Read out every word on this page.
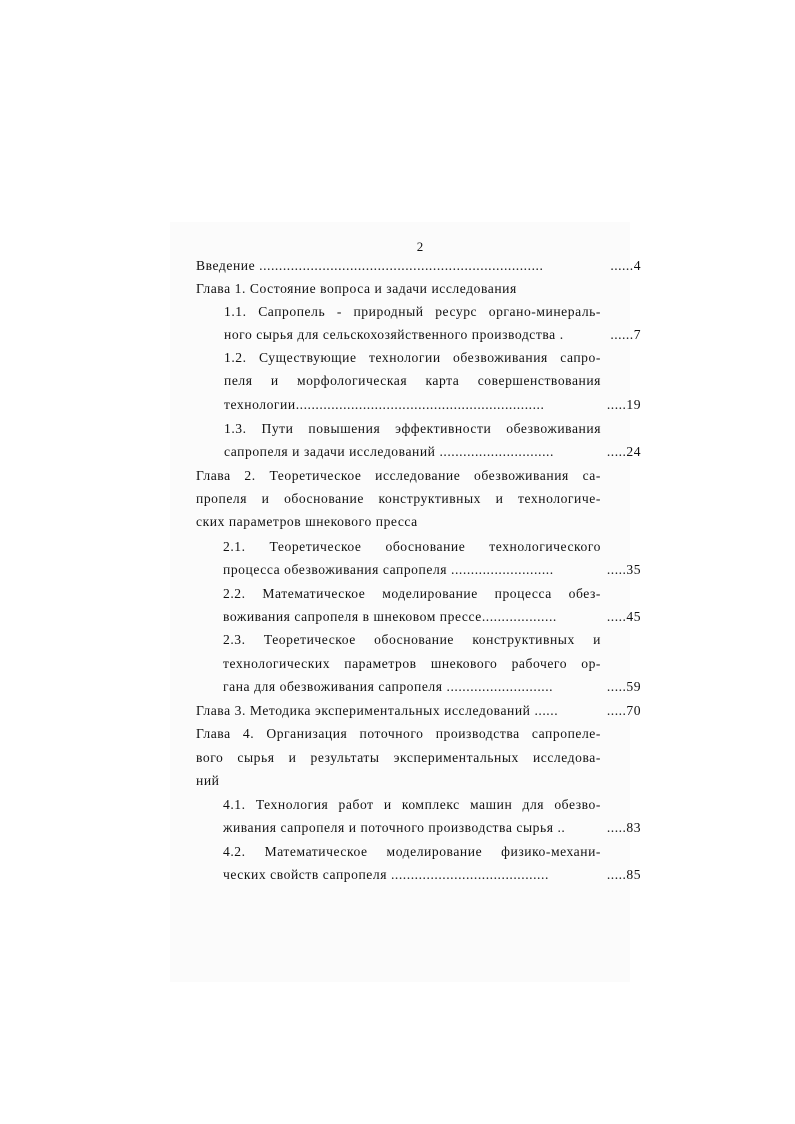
2
Введение ........................................................................	......4
Глава 1. Состояние вопроса и задачи исследования
1.1. Сапропель - природный ресурс органо-минераль-
ного сырья для сельскохозяйственного производства .	......7
1.2. Существующие технологии обезвоживания сапро-
пеля и морфологическая карта совершенствования
технологии...............................................................	.....19
1.3. Пути повышения эффективности обезвоживания
сапропеля и задачи исследований .............................	.....24
Глава 2. Теоретическое исследование обезвоживания са-
пропеля и обоснование конструктивных и технологиче-
ских параметров шнекового пресса
2.1. Теоретическое обоснование технологического
процесса обезвоживания сапропеля ..........................	.....35
2.2. Математическое моделирование процесса обез-
воживания сапропеля в шнековом прессе...................	.....45
2.3. Теоретическое обоснование конструктивных и
технологических параметров шнекового рабочего ор-
гана для обезвоживания сапропеля ...........................	.....59
Глава 3. Методика экспериментальных исследований ......	.....70
Глава 4. Организация поточного производства сапропеле-
вого сырья и результаты экспериментальных исследова-
ний
4.1. Технология работ и комплекс машин для обезво-
живания сапропеля и поточного производства сырья ..	.....83
4.2. Математическое моделирование физико-механи-
ческих свойств сапропеля ........................................	.....85
